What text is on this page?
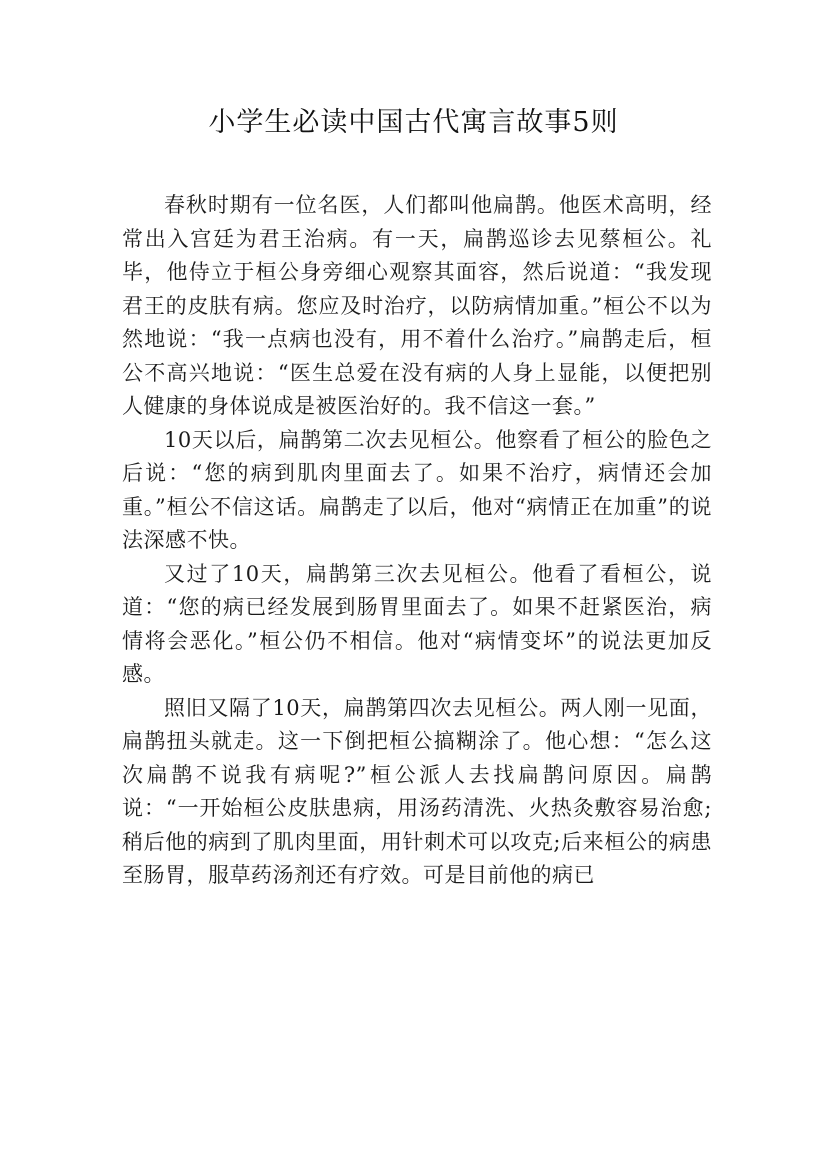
小学生必读中国古代寓言故事5则

春秋时期有一位名医，人们都叫他扁鹊。他医术高明，经常出入宫廷为君王治病。有一天，扁鹊巡诊去见蔡桓公。礼毕，他侍立于桓公身旁细心观察其面容，然后说道：“我发现君王的皮肤有病。您应及时治疗，以防病情加重。”桓公不以为然地说：“我一点病也没有，用不着什么治疗。”扁鹊走后，桓公不高兴地说：“医生总爱在没有病的人身上显能，以便把别人健康的身体说成是被医治好的。我不信这一套。”

10天以后，扁鹊第二次去见桓公。他察看了桓公的脸色之后说：“您的病到肌肉里面去了。如果不治疗，病情还会加重。”桓公不信这话。扁鹊走了以后，他对“病情正在加重”的说法深感不快。

又过了10天，扁鹊第三次去见桓公。他看了看桓公，说道：“您的病已经发展到肠胃里面去了。如果不赶紧医治，病情将会恶化。”桓公仍不相信。他对“病情变坏”的说法更加反感。

照旧又隔了10天，扁鹊第四次去见桓公。两人刚一见面，扁鹊扭头就走。这一下倒把桓公搞糊涂了。他心想：“怎么这次扁鹊不说我有病呢?”桓公派人去找扁鹊问原因。扁鹊说：“一开始桓公皮肤患病，用汤药清洗、火热灸敷容易治愈;稍后他的病到了肌肉里面，用针刺术可以攻克;后来桓公的病患至肠胃，服草药汤剂还有疗效。可是目前他的病已
